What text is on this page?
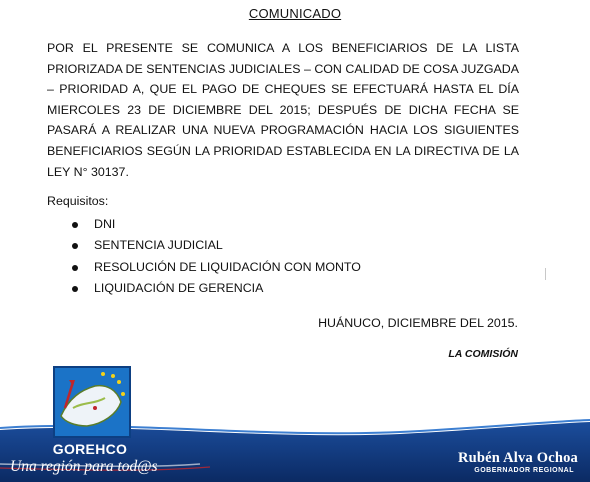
COMUNICADO

POR EL PRESENTE SE COMUNICA A LOS BENEFICIARIOS DE LA LISTA PRIORIZADA DE SENTENCIAS JUDICIALES – CON CALIDAD DE COSA JUZGADA – PRIORIDAD A, QUE EL PAGO DE CHEQUES SE EFECTUARÁ HASTA EL DÍA MIERCOLES 23 DE DICIEMBRE DEL 2015; DESPUÉS DE DICHA FECHA SE PASARÁ A REALIZAR UNA NUEVA PROGRAMACIÓN HACIA LOS SIGUIENTES BENEFICIARIOS SEGÚN LA PRIORIDAD ESTABLECIDA EN LA DIRECTIVA DE LA LEY N° 30137.

Requisitos:
DNI
SENTENCIA JUDICIAL
RESOLUCIÓN DE LIQUIDACIÓN CON MONTO
LIQUIDACIÓN DE GERENCIA
HUÁNUCO, DICIEMBRE DEL 2015.
LA COMISIÓN
GOREHCO
Una región para tod@s	Rubén Alva Ochoa
GOBERNADOR REGIONAL
